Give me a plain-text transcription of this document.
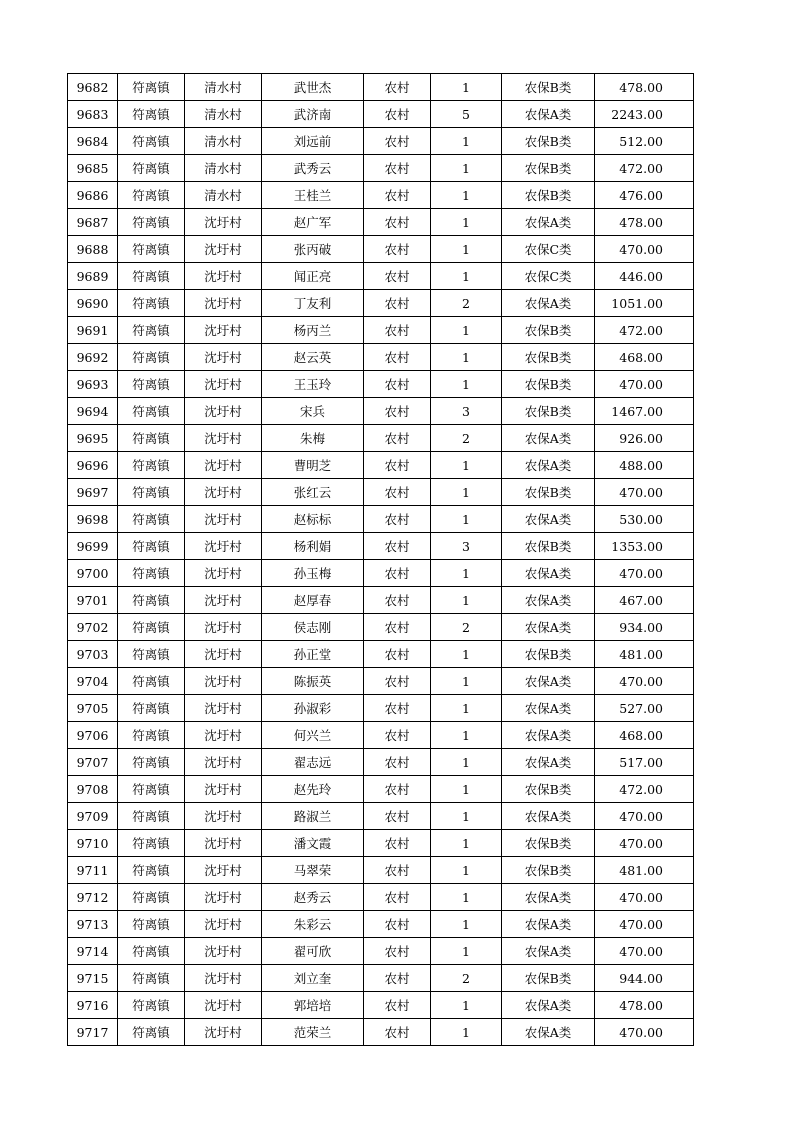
9682	符离镇	清水村	武世杰	农村	1	农保B类	478.00
9683	符离镇	清水村	武济南	农村	5	农保A类	2243.00
9684	符离镇	清水村	刘远前	农村	1	农保B类	512.00
9685	符离镇	清水村	武秀云	农村	1	农保B类	472.00
9686	符离镇	清水村	王桂兰	农村	1	农保B类	476.00
9687	符离镇	沈圩村	赵广军	农村	1	农保A类	478.00
9688	符离镇	沈圩村	张丙破	农村	1	农保C类	470.00
9689	符离镇	沈圩村	闻正亮	农村	1	农保C类	446.00
9690	符离镇	沈圩村	丁友利	农村	2	农保A类	1051.00
9691	符离镇	沈圩村	杨丙兰	农村	1	农保B类	472.00
9692	符离镇	沈圩村	赵云英	农村	1	农保B类	468.00
9693	符离镇	沈圩村	王玉玲	农村	1	农保B类	470.00
9694	符离镇	沈圩村	宋兵	农村	3	农保B类	1467.00
9695	符离镇	沈圩村	朱梅	农村	2	农保A类	926.00
9696	符离镇	沈圩村	曹明芝	农村	1	农保A类	488.00
9697	符离镇	沈圩村	张红云	农村	1	农保B类	470.00
9698	符离镇	沈圩村	赵标标	农村	1	农保A类	530.00
9699	符离镇	沈圩村	杨利娟	农村	3	农保B类	1353.00
9700	符离镇	沈圩村	孙玉梅	农村	1	农保A类	470.00
9701	符离镇	沈圩村	赵厚春	农村	1	农保A类	467.00
9702	符离镇	沈圩村	侯志刚	农村	2	农保A类	934.00
9703	符离镇	沈圩村	孙正堂	农村	1	农保B类	481.00
9704	符离镇	沈圩村	陈振英	农村	1	农保A类	470.00
9705	符离镇	沈圩村	孙淑彩	农村	1	农保A类	527.00
9706	符离镇	沈圩村	何兴兰	农村	1	农保A类	468.00
9707	符离镇	沈圩村	翟志远	农村	1	农保A类	517.00
9708	符离镇	沈圩村	赵先玲	农村	1	农保B类	472.00
9709	符离镇	沈圩村	路淑兰	农村	1	农保A类	470.00
9710	符离镇	沈圩村	潘文霞	农村	1	农保B类	470.00
9711	符离镇	沈圩村	马翠荣	农村	1	农保B类	481.00
9712	符离镇	沈圩村	赵秀云	农村	1	农保A类	470.00
9713	符离镇	沈圩村	朱彩云	农村	1	农保A类	470.00
9714	符离镇	沈圩村	翟可欣	农村	1	农保A类	470.00
9715	符离镇	沈圩村	刘立奎	农村	2	农保B类	944.00
9716	符离镇	沈圩村	郭培培	农村	1	农保A类	478.00
9717	符离镇	沈圩村	范荣兰	农村	1	农保A类	470.00
